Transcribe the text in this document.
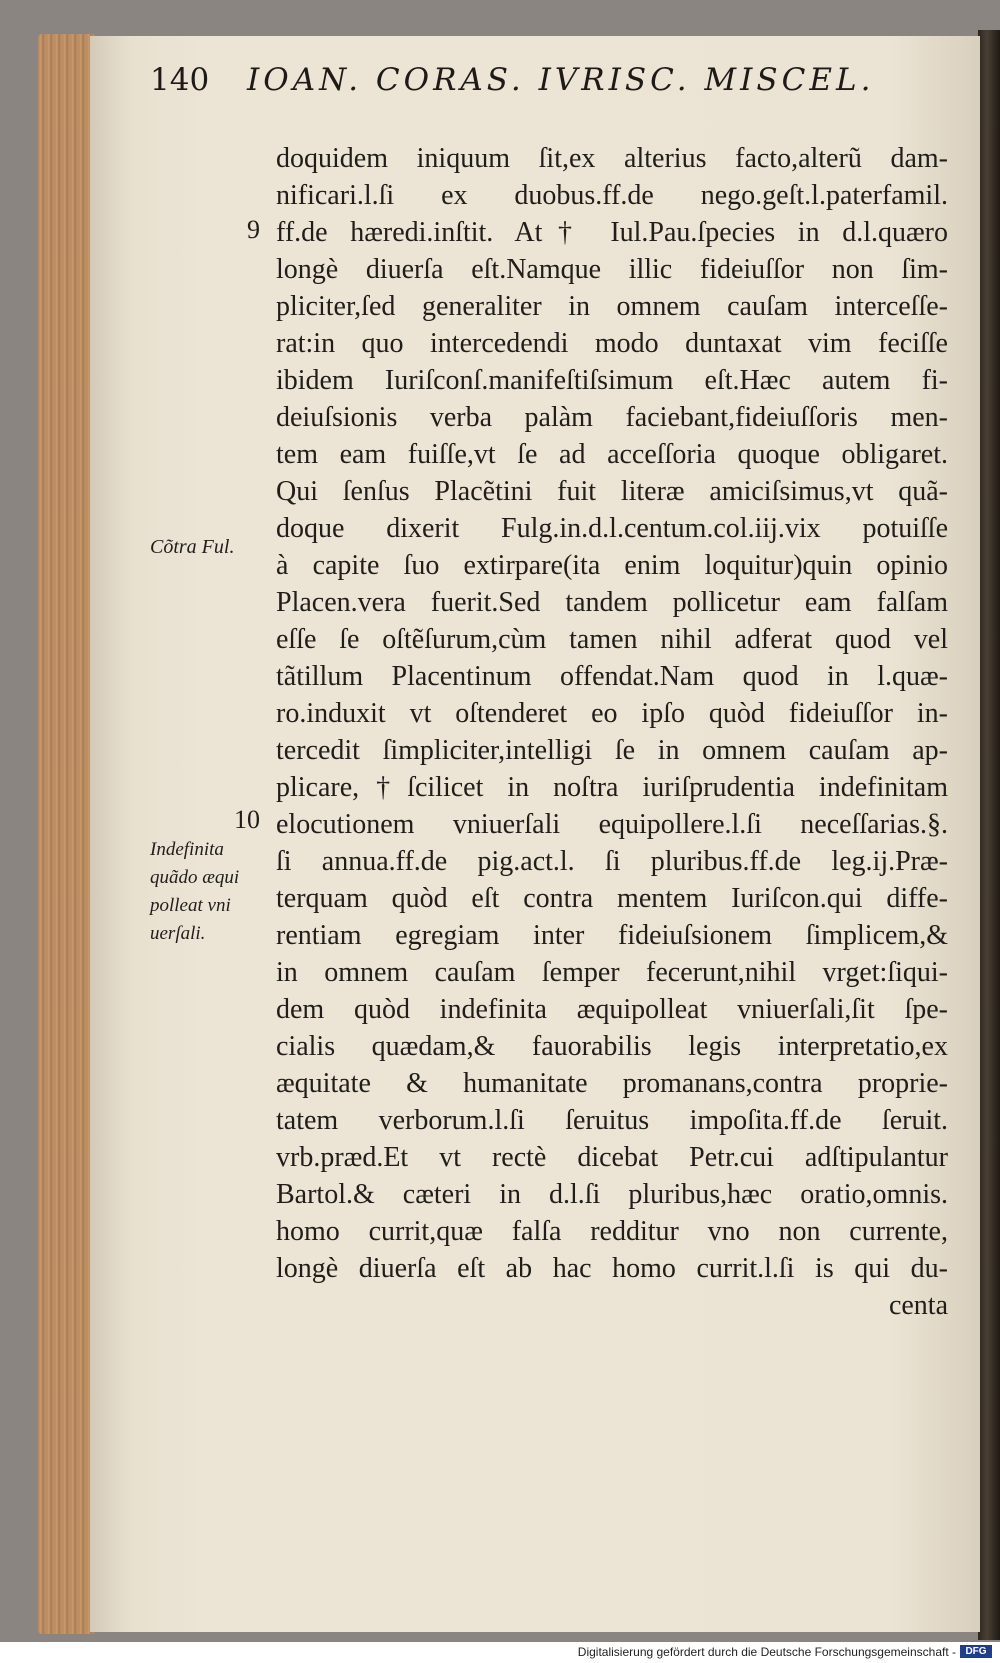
140 IOAN. CORAS. IVRISC. MISCEL.
doquidem iniquum ſit,ex alterius facto,alterũ dam-
nificari.l.ſi ex duobus.ff.de nego.geſt.l.paterfamil.
ff.de hæredi.inſtit. At† Iul.Pau.ſpecies in d.l.quæro
longè diuerſa eſt.Namque illic fideiuſſor non ſim-
pliciter,ſed generaliter in omnem cauſam interceſſe-
rat:in quo intercedendi modo duntaxat vim feciſſe
ibidem Iuriſconſ.manifeſtiſsimum eſt.Hæc autem fi-
deiuſsionis verba palàm faciebant,fideiuſſoris men-
tem eam fuiſſe,vt ſe ad acceſſoria quoque obligaret.
Qui ſenſus Placẽtini fuit literæ amiciſsimus,vt quã-
doque dixerit Fulg.in.d.l.centum.col.iij.vix potuiſſe
à capite ſuo extirpare(ita enim loquitur)quin opinio
Placen.vera fuerit.Sed tandem pollicetur eam falſam
eſſe ſe oſtẽſurum,cùm tamen nihil adferat quod vel
tãtillum Placentinum offendat.Nam quod in l.quæ-
ro.induxit vt oſtenderet eo ipſo quòd fideiuſſor in-
tercedit ſimpliciter,intelligi ſe in omnem cauſam ap-
plicare,†ſcilicet in noſtra iuriſprudentia indefinitam
elocutionem vniuerſali equipollere.l.ſi neceſſarias.§.
ſi annua.ff.de pig.act.l. ſi pluribus.ff.de leg.ij.Præ-
terquam quòd eſt contra mentem Iuriſcon.qui diffe-
rentiam egregiam inter fideiuſsionem ſimplicem,&
in omnem cauſam ſemper fecerunt,nihil vrget:ſiqui-
dem quòd indefinita æquipolleat vniuerſali,ſit ſpe-
cialis quædam,& fauorabilis legis interpretatio,ex
æquitate & humanitate promanans,contra proprie-
tatem verborum.l.ſi ſeruitus impoſita.ff.de ſeruit.
vrb.præd.Et vt rectè dicebat Petr.cui adſtipulantur
Bartol.& cæteri in d.l.ſi pluribus,hæc oratio,omnis.
homo currit,quæ falſa redditur vno non currente,
longè diuerſa eſt ab hac homo currit.l.ſi is qui du-
centa
9
10
Cõtra Ful.
Indefinita
quãdo æqui
polleat vni
uerſali.
Digitalisierung gefördert durch die Deutsche Forschungsgemeinschaft - DFG
